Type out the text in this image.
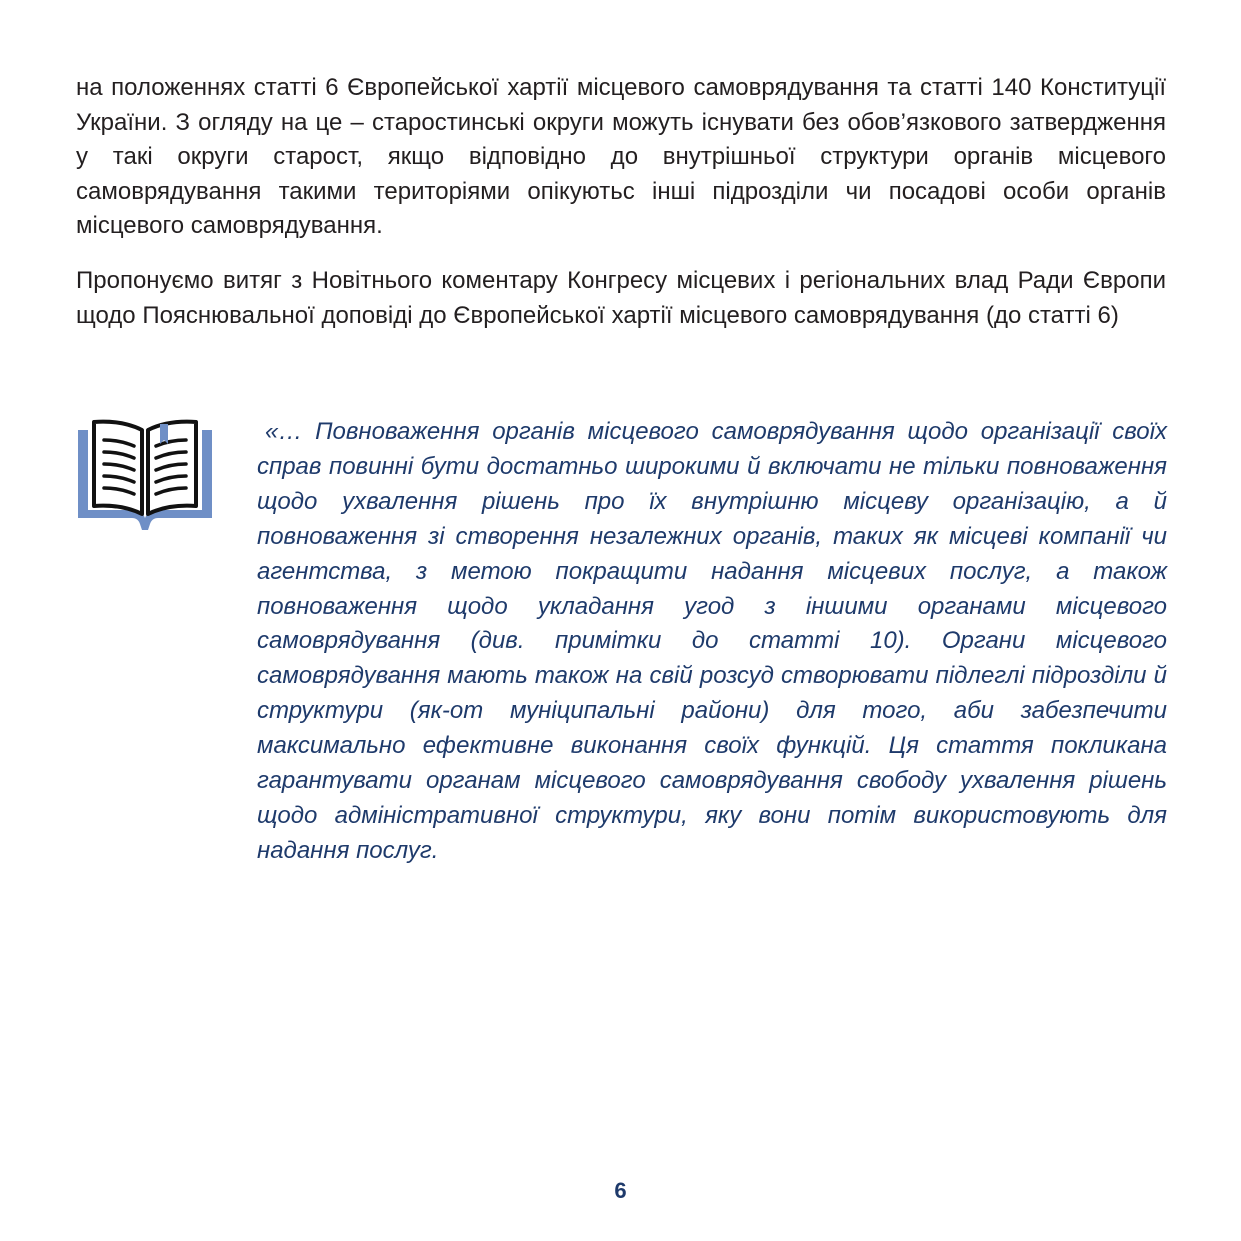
на положеннях статті 6 Європейської хартії місцевого самоврядування та статті 140 Конституції України. З огляду на це – старостинські округи можуть існувати без обов’язкового затвердження у такі округи старост, якщо відповідно до внутрішньої структури органів місцевого самоврядування такими територіями опікуютьс інші підрозділи чи посадові особи органів місцевого самоврядування.

Пропонуємо витяг з Новітнього коментару Конгресу місцевих і регіональних влад Ради Європи щодо Пояснювальної доповіді до Європейської хартії місцевого самоврядування (до статті 6)

«… Повноваження органів місцевого самоврядування щодо організації своїх справ повинні бути достатньо широкими й включати не тільки повноваження щодо ухвалення рішень про їх внутрішню місцеву організацію, а й повноваження зі створення незалежних органів, таких як місцеві компанії чи агентства, з метою покращити надання місцевих послуг, а також повноваження щодо укладання угод з іншими органами місцевого самоврядування (див. примітки до статті 10). Органи місцевого самоврядування мають також на свій розсуд створювати підлеглі підрозділи й структури (як-от муніципальні райони) для того, аби забезпечити максимально ефективне виконання своїх функцій. Ця стаття покликана гарантувати органам місцевого самоврядування свободу ухвалення рішень щодо адміністративної структури, яку вони потім використовують для надання послуг.

6
